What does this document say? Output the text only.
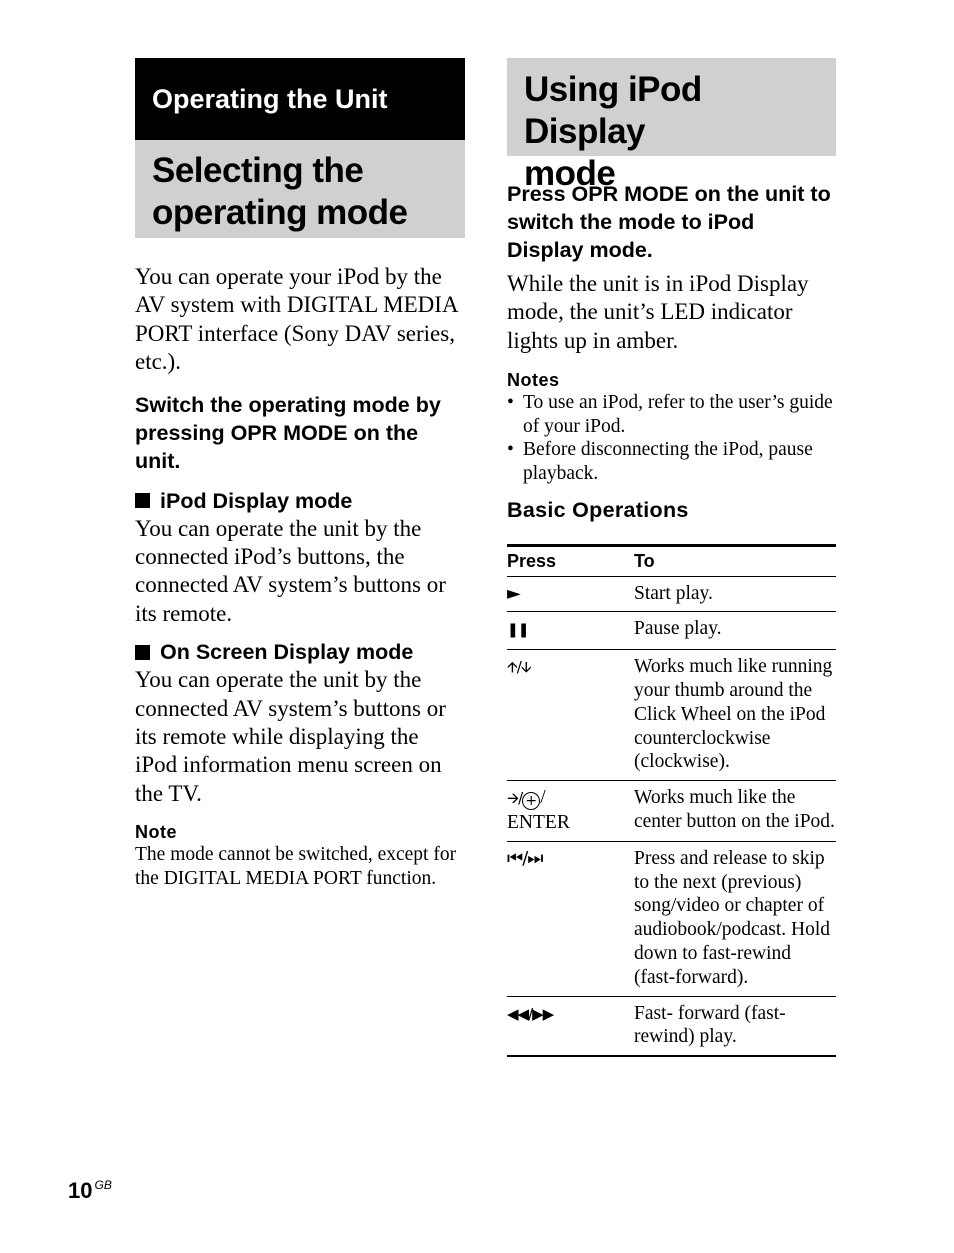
Operating the Unit
Selecting the
operating mode

You can operate your iPod by the AV system with DIGITAL MEDIA PORT interface (Sony DAV series, etc.).

Switch the operating mode by pressing OPR MODE on the unit.

iPod Display mode

You can operate the unit by the connected iPod’s buttons, the connected AV system’s buttons or its remote.

On Screen Display mode

You can operate the unit by the connected AV system’s buttons or its remote while displaying the iPod information menu screen on the TV.

Note

The mode cannot be switched, except for the DIGITAL MEDIA PORT function.

Using iPod Display
mode

Press OPR MODE on the unit to switch the mode to iPod Display mode.

While the unit is in iPod Display mode, the unit’s LED indicator lights up in amber.

Notes

• To use an iPod, refer to the user’s guide of your iPod.
• Before disconnecting the iPod, pause playback.

Basic Operations

Press	To
►	Start play.
❚❚	Pause play.
🡩/🡫	Works much like running your thumb around the Click Wheel on the iPod counterclockwise (clockwise).
🡪/ + /
ENTER	Works much like the center button on the iPod.
⏮/⏭	Press and release to skip to the next (previous) song/video or chapter of audiobook/podcast. Hold down to fast-rewind (fast-forward).
◀◀/▶▶	Fast- forward (fast-rewind) play.
10 $^{GB}$
